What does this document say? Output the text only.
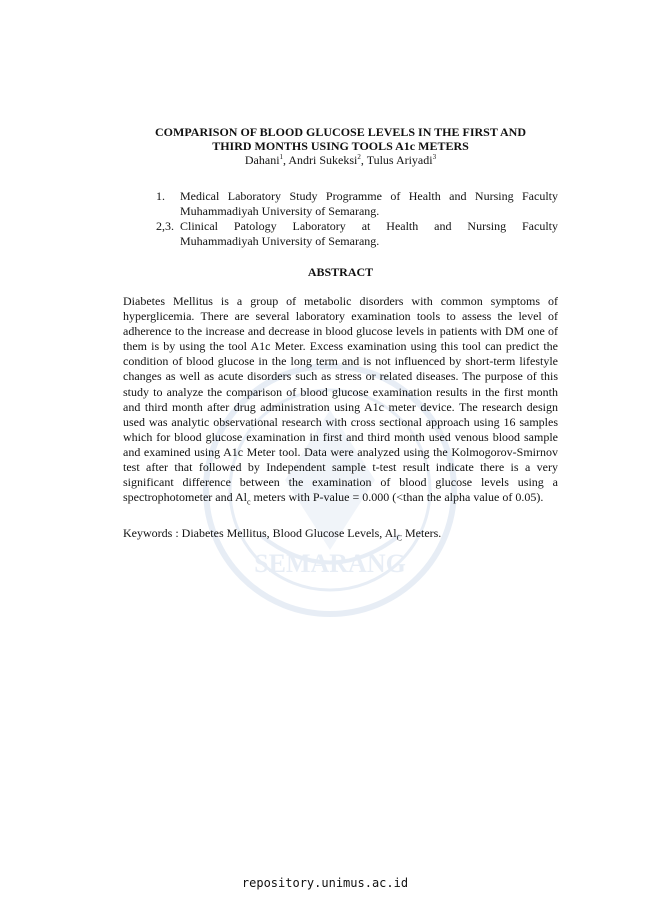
SEMARANG

COMPARISON OF BLOOD GLUCOSE LEVELS IN THE FIRST AND
THIRD MONTHS USING TOOLS A1c METERS

Dahani$^1$, Andri Sukeksi$^2$, Tulus Ariyadi$^3$

1.	Medical Laboratory Study Programme of Health and Nursing Faculty
Muhammadiyah University of Semarang.
2,3. Clinical Patology Laboratory at Health and Nursing Faculty
Muhammadiyah University of Semarang.
ABSTRACT

Diabetes Mellitus is a group of metabolic disorders with common symptoms of hyperglicemia. There are several laboratory examination tools to assess the level of adherence to the increase and decrease in blood glucose levels in patients with DM one of them is by using the tool A1c Meter. Excess examination using this tool can predict the condition of blood glucose in the long term and is not influenced by short-term lifestyle changes as well as acute disorders such as stress or related diseases. The purpose of this study to analyze the comparison of blood glucose examination results in the first month and third month after drug administration using A1c meter device. The research design used was analytic observational research with cross sectional approach using 16 samples which for blood glucose examination in first and third month used venous blood sample and examined using A1c Meter tool. Data were analyzed using the Kolmogorov-Smirnov test after that followed by Independent sample t-test result indicate there is a very significant difference between the examination of blood glucose levels using a spectrophotometer and $Al_c$ meters with P-value = 0.000 (<than the alpha value of 0.05).

Keywords : Diabetes Mellitus, Blood Glucose Levels, $Al_C$ Meters.
repository.unimus.ac.id
